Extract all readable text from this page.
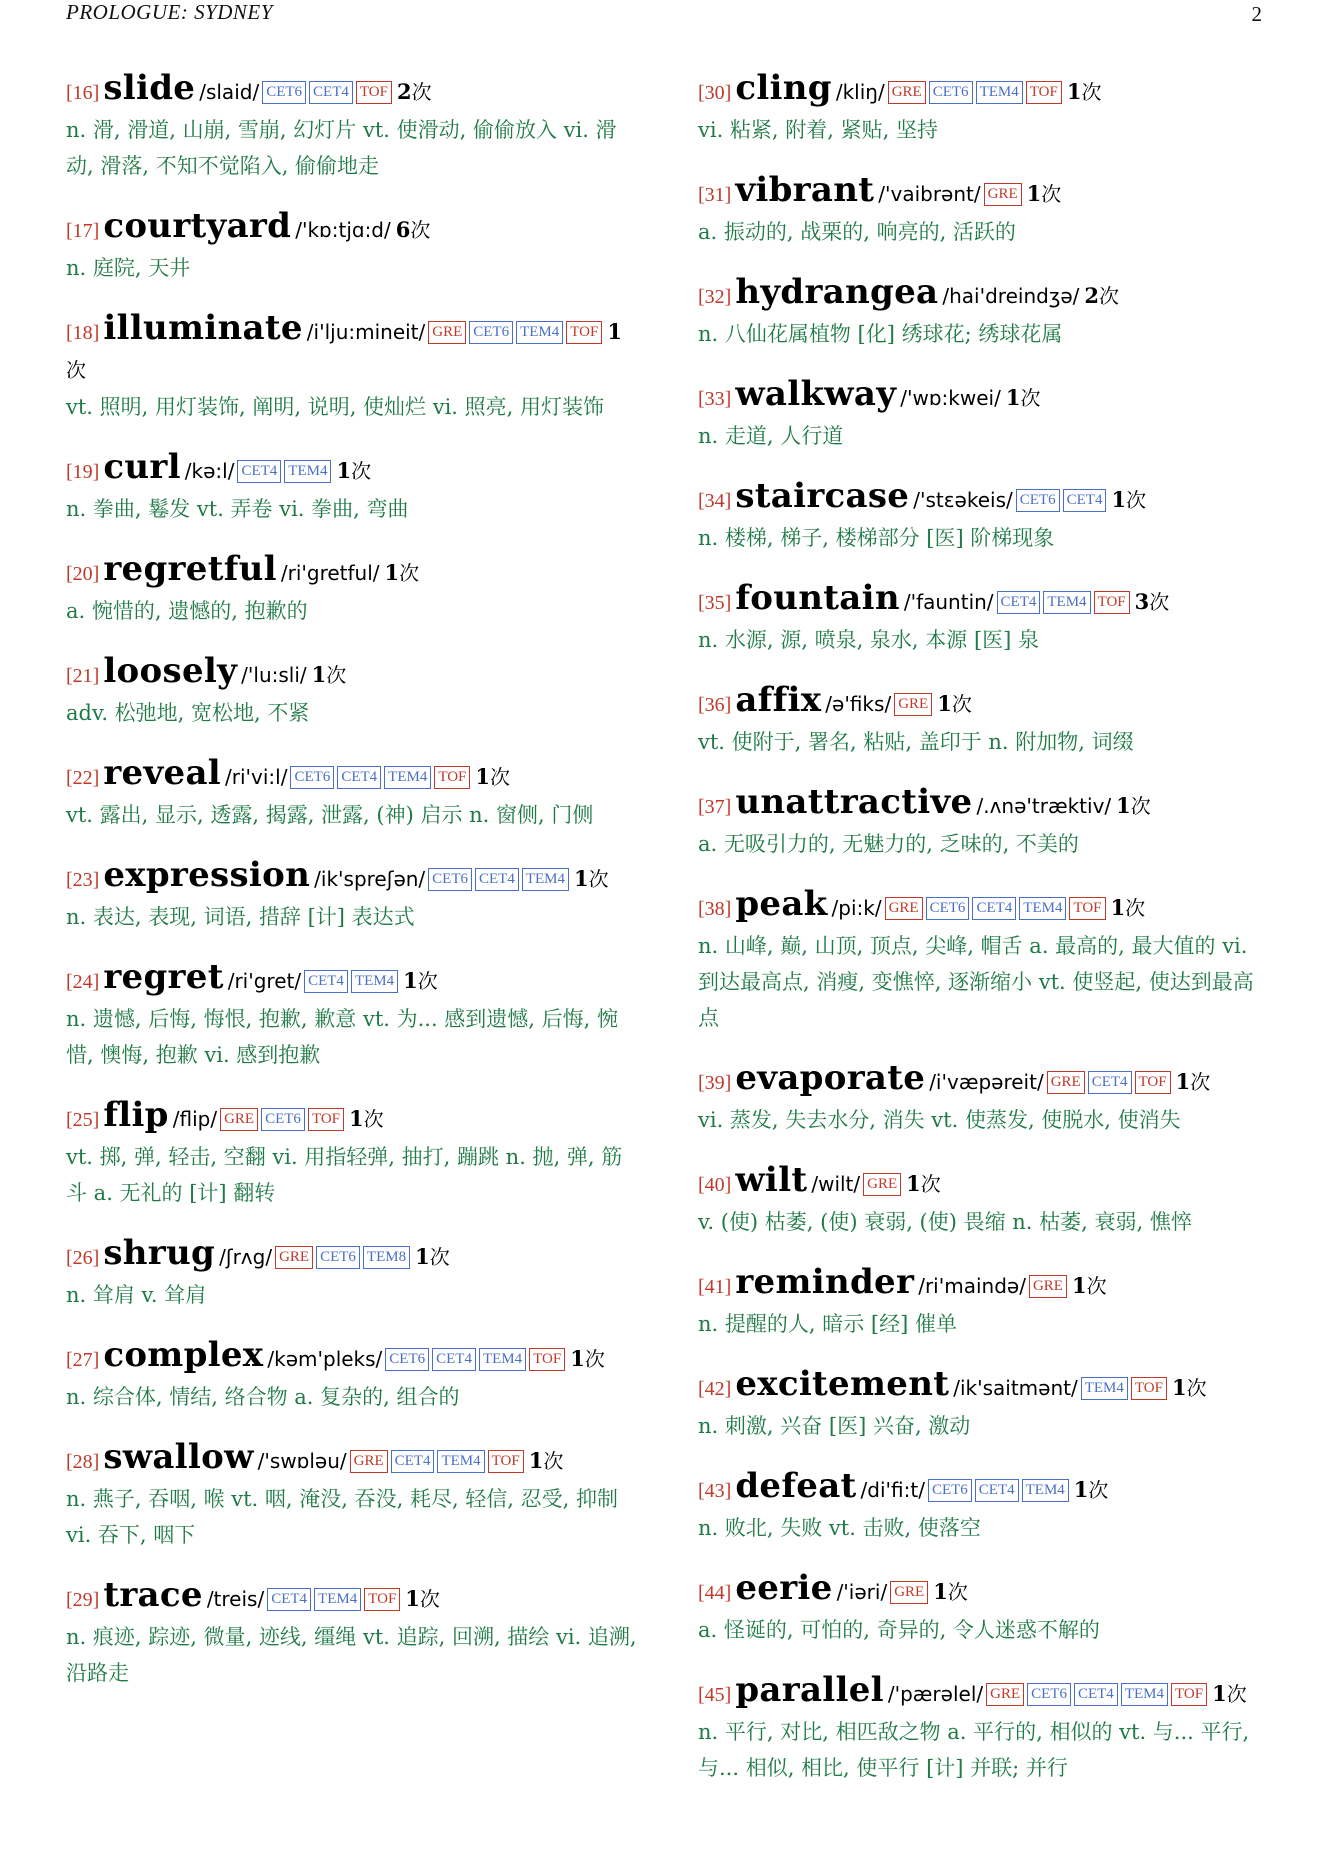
PROLOGUE: SYDNEY	2
[16] slide /slaid/ CET6 CET4 TOF 2次
n. 滑, 滑道, 山崩, 雪崩, 幻灯片 vt. 使滑动, 偷偷放入 vi. 滑动, 滑落, 不知不觉陷入, 偷偷地走
[17] courtyard /'kɒ:tjɑ:d/ 6次
n. 庭院, 天井
[18] illuminate /i'lju:mineit/ GRE CET6 TEM4 TOF 1次
vt. 照明, 用灯装饰, 阐明, 说明, 使灿烂 vi. 照亮, 用灯装饰
[19] curl /kə:l/ CET4 TEM4 1次
n. 拳曲, 鬈发 vt. 弄卷 vi. 拳曲, 弯曲
[20] regretful /ri'gretful/ 1次
a. 惋惜的, 遗憾的, 抱歉的
[21] loosely /'lu:sli/ 1次
adv. 松弛地, 宽松地, 不紧
[22] reveal /ri'vi:l/ CET6 CET4 TEM4 TOF 1次
vt. 露出, 显示, 透露, 揭露, 泄露, (神) 启示 n. 窗侧, 门侧
[23] expression /ik'spreʃən/ CET6 CET4 TEM4 1次
n. 表达, 表现, 词语, 措辞 [计] 表达式
[24] regret /ri'gret/ CET4 TEM4 1次
n. 遗憾, 后悔, 悔恨, 抱歉, 歉意 vt. 为... 感到遗憾, 后悔, 惋惜, 懊悔, 抱歉 vi. 感到抱歉
[25] flip /flip/ GRE CET6 TOF 1次
vt. 掷, 弹, 轻击, 空翻 vi. 用指轻弹, 抽打, 蹦跳 n. 抛, 弹, 筋斗 a. 无礼的 [计] 翻转
[26] shrug /ʃrʌg/ GRE CET6 TEM8 1次
n. 耸肩 v. 耸肩
[27] complex /kəm'pleks/ CET6 CET4 TEM4 TOF 1次
n. 综合体, 情结, 络合物 a. 复杂的, 组合的
[28] swallow /'swɒləu/ GRE CET4 TEM4 TOF 1次
n. 燕子, 吞咽, 喉 vt. 咽, 淹没, 吞没, 耗尽, 轻信, 忍受, 抑制 vi. 吞下, 咽下
[29] trace /treis/ CET4 TEM4 TOF 1次
n. 痕迹, 踪迹, 微量, 迹线, 缰绳 vt. 追踪, 回溯, 描绘 vi. 追溯, 沿路走
[30] cling /kliŋ/ GRE CET6 TEM4 TOF 1次
vi. 粘紧, 附着, 紧贴, 坚持
[31] vibrant /'vaibrənt/ GRE 1次
a. 振动的, 战栗的, 响亮的, 活跃的
[32] hydrangea /hai'dreindʒə/ 2次
n. 八仙花属植物 [化] 绣球花; 绣球花属
[33] walkway /'wɒ:kwei/ 1次
n. 走道, 人行道
[34] staircase /'stɛəkeis/ CET6 CET4 1次
n. 楼梯, 梯子, 楼梯部分 [医] 阶梯现象
[35] fountain /'fauntin/ CET4 TEM4 TOF 3次
n. 水源, 源, 喷泉, 泉水, 本源 [医] 泉
[36] affix /ə'fiks/ GRE 1次
vt. 使附于, 署名, 粘贴, 盖印于 n. 附加物, 词缀
[37] unattractive /.ʌnə'træktiv/ 1次
a. 无吸引力的, 无魅力的, 乏味的, 不美的
[38] peak /pi:k/ GRE CET6 CET4 TEM4 TOF 1次
n. 山峰, 巅, 山顶, 顶点, 尖峰, 帽舌 a. 最高的, 最大值的 vi. 到达最高点, 消瘦, 变憔悴, 逐渐缩小 vt. 使竖起, 使达到最高点
[39] evaporate /i'væpəreit/ GRE CET4 TOF 1次
vi. 蒸发, 失去水分, 消失 vt. 使蒸发, 使脱水, 使消失
[40] wilt /wilt/ GRE 1次
v. (使) 枯萎, (使) 衰弱, (使) 畏缩 n. 枯萎, 衰弱, 憔悴
[41] reminder /ri'maində/ GRE 1次
n. 提醒的人, 暗示 [经] 催单
[42] excitement /ik'saitmənt/ TEM4 TOF 1次
n. 刺激, 兴奋 [医] 兴奋, 激动
[43] defeat /di'fi:t/ CET6 CET4 TEM4 1次
n. 败北, 失败 vt. 击败, 使落空
[44] eerie /'iəri/ GRE 1次
a. 怪诞的, 可怕的, 奇异的, 令人迷惑不解的
[45] parallel /'pærəlel/ GRE CET6 CET4 TEM4 TOF 1次
n. 平行, 对比, 相匹敌之物 a. 平行的, 相似的 vt. 与... 平行, 与... 相似, 相比, 使平行 [计] 并联; 并行
